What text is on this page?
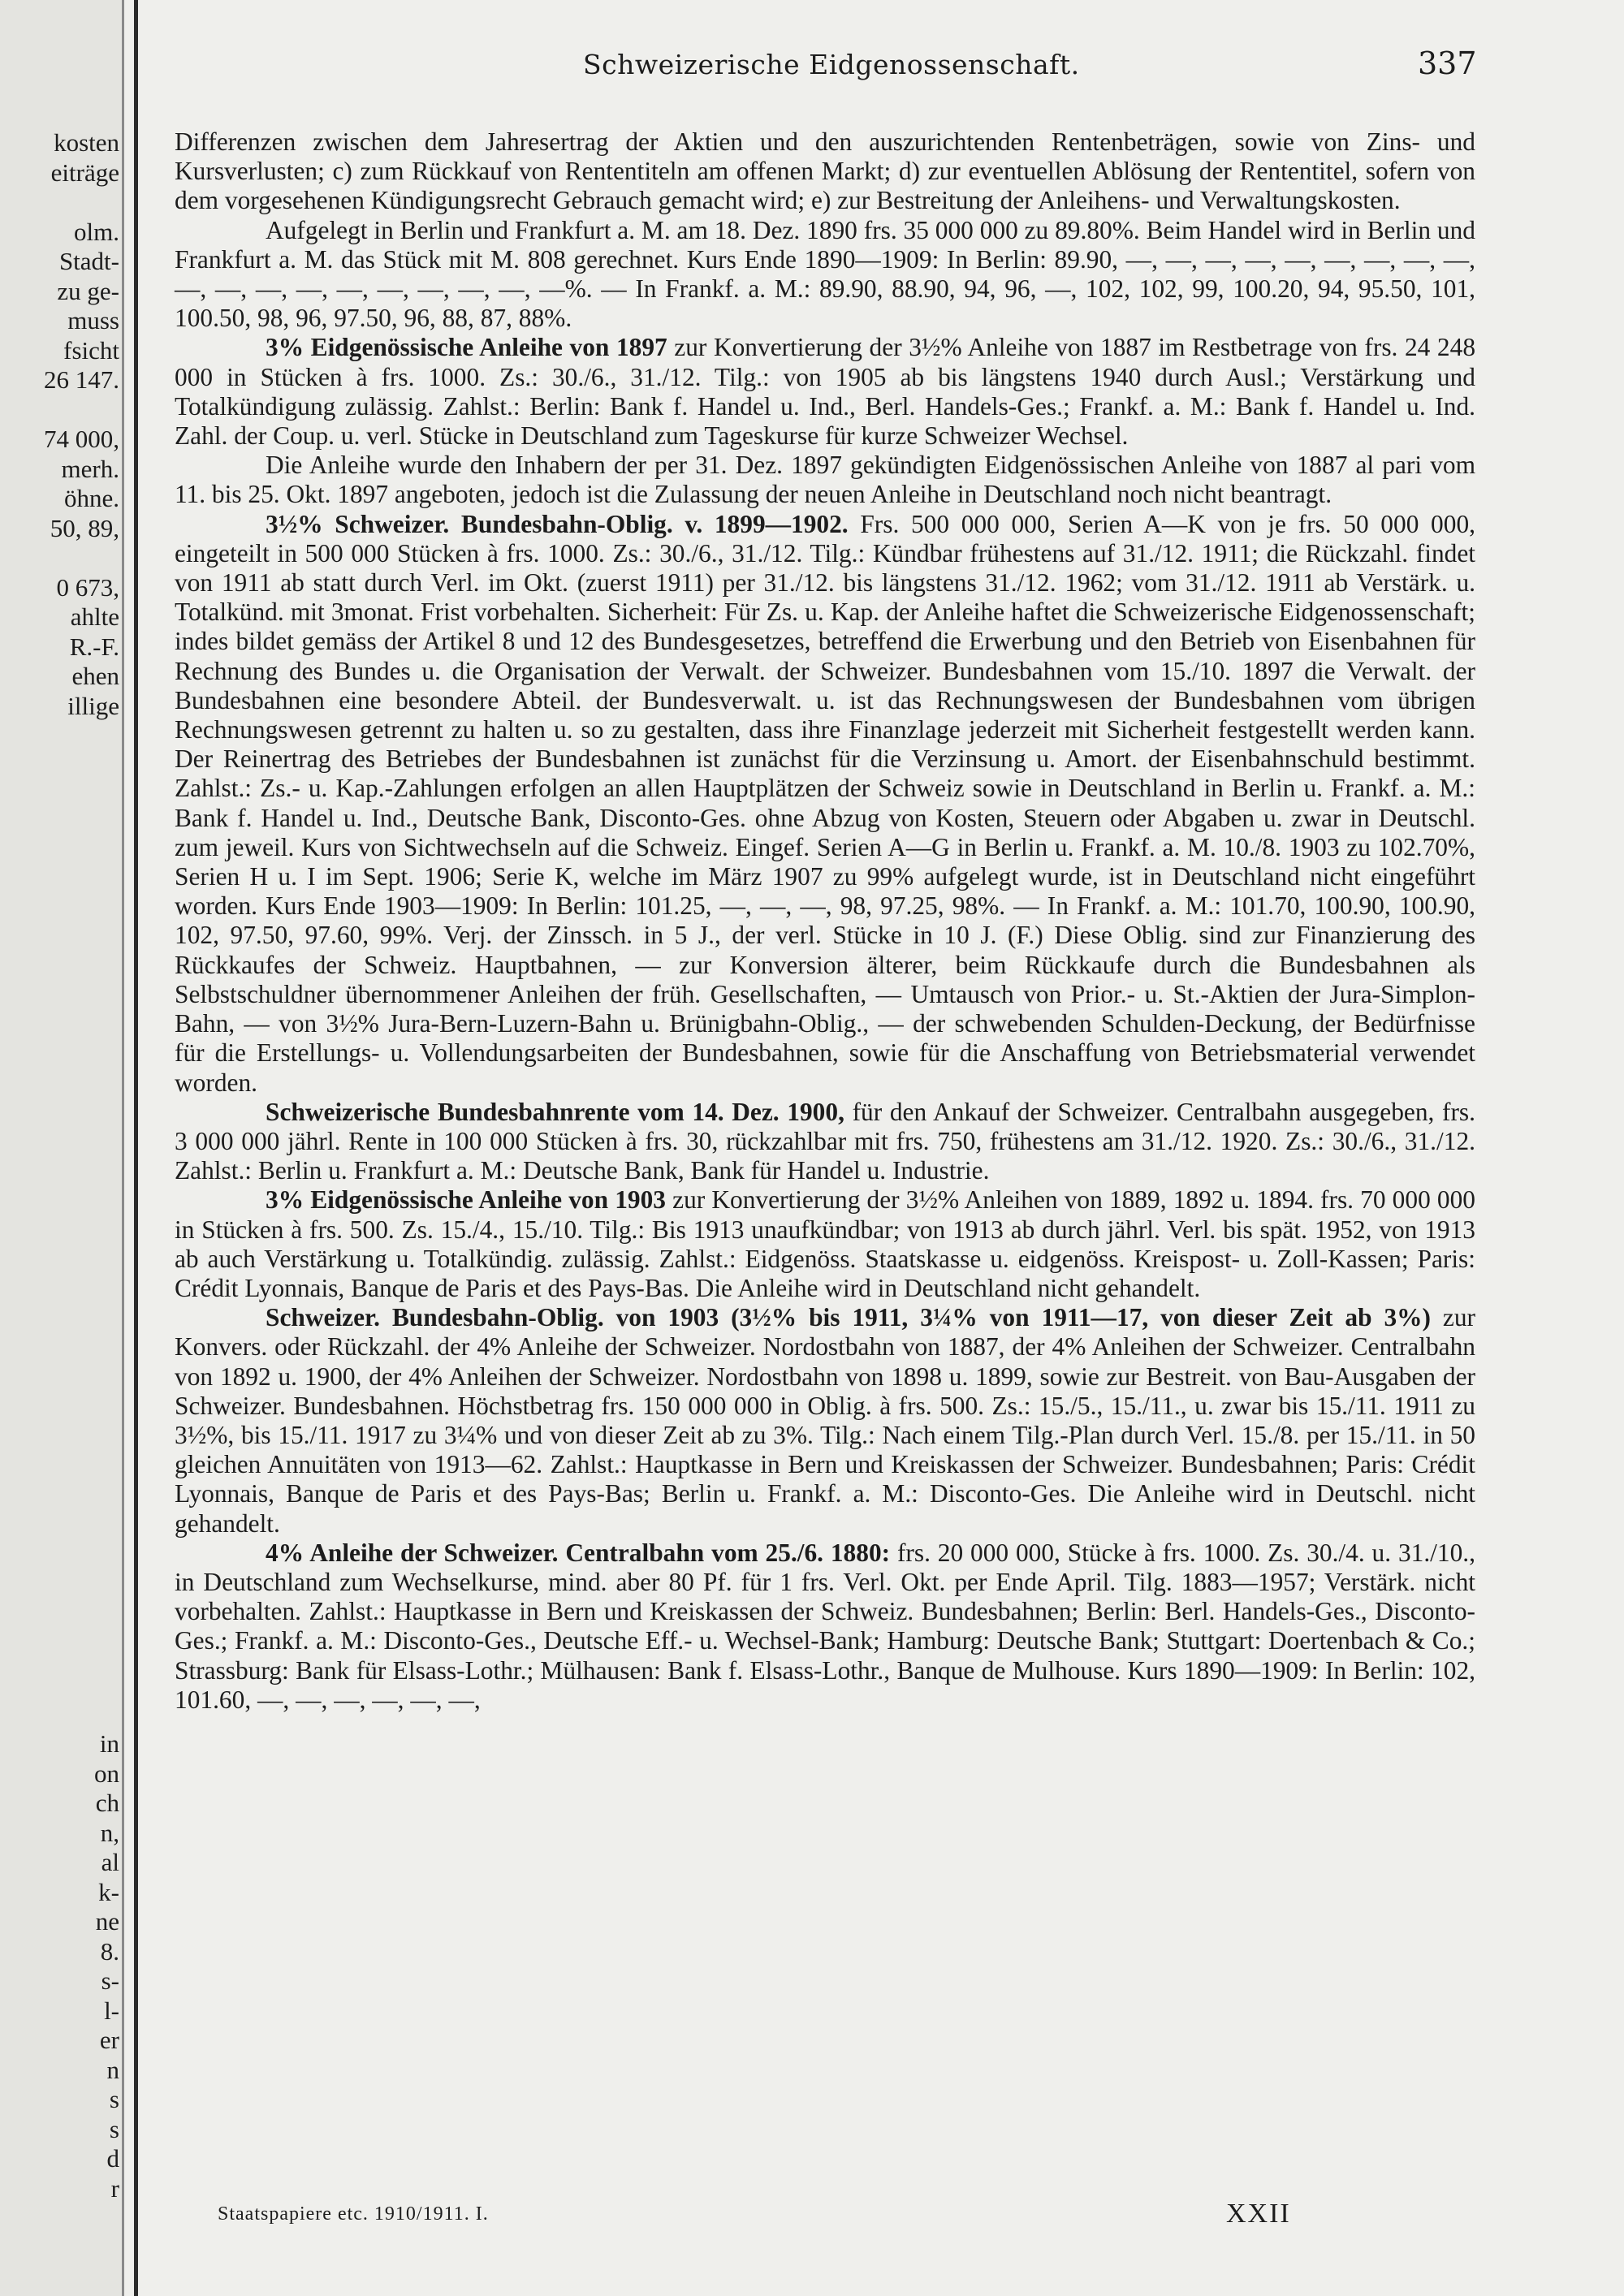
kosten
eiträge
olm.
Stadt-
zu ge-
muss
fsicht
26 147.
74 000,
merh.
öhne.
50, 89,
0 673,
ahlte
R.-F.
ehen
illige
in
on
ch
n,
al
k-
ne
8.
s-
l-
er
n
s
s
d
r
Schweizerische Eidgenossenschaft.	337

Differenzen zwischen dem Jahresertrag der Aktien und den auszurichtenden Rentenbeträgen, sowie von Zins- und Kursverlusten; c) zum Rückkauf von Rententiteln am offenen Markt; d) zur eventuellen Ablösung der Rententitel, sofern von dem vorgesehenen Kündigungsrecht Gebrauch gemacht wird; e) zur Bestreitung der Anleihens- und Verwaltungskosten.

Aufgelegt in Berlin und Frankfurt a. M. am 18. Dez. 1890 frs. 35 000 000 zu 89.80%. Beim Handel wird in Berlin und Frankfurt a. M. das Stück mit M. 808 gerechnet. Kurs Ende 1890—1909: In Berlin: 89.90, —, —, —, —, —, —, —, —, —, —, —, —, —, —, —, —, —, —, —%. — In Frankf. a. M.: 89.90, 88.90, 94, 96, —, 102, 102, 99, 100.20, 94, 95.50, 101, 100.50, 98, 96, 97.50, 96, 88, 87, 88%.

3% Eidgenössische Anleihe von 1897 zur Konvertierung der 3½% Anleihe von 1887 im Restbetrage von frs. 24 248 000 in Stücken à frs. 1000. Zs.: 30./6., 31./12. Tilg.: von 1905 ab bis längstens 1940 durch Ausl.; Verstärkung und Totalkündigung zulässig. Zahlst.: Berlin: Bank f. Handel u. Ind., Berl. Handels-Ges.; Frankf. a. M.: Bank f. Handel u. Ind. Zahl. der Coup. u. verl. Stücke in Deutschland zum Tageskurse für kurze Schweizer Wechsel.

Die Anleihe wurde den Inhabern der per 31. Dez. 1897 gekündigten Eidgenössischen Anleihe von 1887 al pari vom 11. bis 25. Okt. 1897 angeboten, jedoch ist die Zulassung der neuen Anleihe in Deutschland noch nicht beantragt.

3½% Schweizer. Bundesbahn-Oblig. v. 1899—1902. Frs. 500 000 000, Serien A—K von je frs. 50 000 000, eingeteilt in 500 000 Stücken à frs. 1000. Zs.: 30./6., 31./12. Tilg.: Kündbar frühestens auf 31./12. 1911; die Rückzahl. findet von 1911 ab statt durch Verl. im Okt. (zuerst 1911) per 31./12. bis längstens 31./12. 1962; vom 31./12. 1911 ab Verstärk. u. Totalkünd. mit 3monat. Frist vorbehalten. Sicherheit: Für Zs. u. Kap. der Anleihe haftet die Schweizerische Eidgenossenschaft; indes bildet gemäss der Artikel 8 und 12 des Bundesgesetzes, betreffend die Erwerbung und den Betrieb von Eisenbahnen für Rechnung des Bundes u. die Organisation der Verwalt. der Schweizer. Bundesbahnen vom 15./10. 1897 die Verwalt. der Bundesbahnen eine besondere Abteil. der Bundesverwalt. u. ist das Rechnungswesen der Bundesbahnen vom übrigen Rechnungswesen getrennt zu halten u. so zu gestalten, dass ihre Finanzlage jederzeit mit Sicherheit festgestellt werden kann. Der Reinertrag des Betriebes der Bundesbahnen ist zunächst für die Verzinsung u. Amort. der Eisenbahnschuld bestimmt. Zahlst.: Zs.- u. Kap.-Zahlungen erfolgen an allen Hauptplätzen der Schweiz sowie in Deutschland in Berlin u. Frankf. a. M.: Bank f. Handel u. Ind., Deutsche Bank, Disconto-Ges. ohne Abzug von Kosten, Steuern oder Abgaben u. zwar in Deutschl. zum jeweil. Kurs von Sichtwechseln auf die Schweiz. Eingef. Serien A—G in Berlin u. Frankf. a. M. 10./8. 1903 zu 102.70%, Serien H u. I im Sept. 1906; Serie K, welche im März 1907 zu 99% aufgelegt wurde, ist in Deutschland nicht eingeführt worden. Kurs Ende 1903—1909: In Berlin: 101.25, —, —, —, 98, 97.25, 98%. — In Frankf. a. M.: 101.70, 100.90, 100.90, 102, 97.50, 97.60, 99%. Verj. der Zinssch. in 5 J., der verl. Stücke in 10 J. (F.) Diese Oblig. sind zur Finanzierung des Rückkaufes der Schweiz. Hauptbahnen, — zur Konversion älterer, beim Rückkaufe durch die Bundesbahnen als Selbstschuldner übernommener Anleihen der früh. Gesellschaften, — Umtausch von Prior.- u. St.-Aktien der Jura-Simplon-Bahn, — von 3½% Jura-Bern-Luzern-Bahn u. Brünigbahn-Oblig., — der schwebenden Schulden-Deckung, der Bedürfnisse für die Erstellungs- u. Vollendungsarbeiten der Bundesbahnen, sowie für die Anschaffung von Betriebsmaterial verwendet worden.

Schweizerische Bundesbahnrente vom 14. Dez. 1900, für den Ankauf der Schweizer. Centralbahn ausgegeben, frs. 3 000 000 jährl. Rente in 100 000 Stücken à frs. 30, rückzahlbar mit frs. 750, frühestens am 31./12. 1920. Zs.: 30./6., 31./12. Zahlst.: Berlin u. Frankfurt a. M.: Deutsche Bank, Bank für Handel u. Industrie.

3% Eidgenössische Anleihe von 1903 zur Konvertierung der 3½% Anleihen von 1889, 1892 u. 1894. frs. 70 000 000 in Stücken à frs. 500. Zs. 15./4., 15./10. Tilg.: Bis 1913 unaufkündbar; von 1913 ab durch jährl. Verl. bis spät. 1952, von 1913 ab auch Verstärkung u. Totalkündig. zulässig. Zahlst.: Eidgenöss. Staatskasse u. eidgenöss. Kreispost- u. Zoll-Kassen; Paris: Crédit Lyonnais, Banque de Paris et des Pays-Bas. Die Anleihe wird in Deutschland nicht gehandelt.

Schweizer. Bundesbahn-Oblig. von 1903 (3½% bis 1911, 3¼% von 1911—17, von dieser Zeit ab 3%) zur Konvers. oder Rückzahl. der 4% Anleihe der Schweizer. Nordostbahn von 1887, der 4% Anleihen der Schweizer. Centralbahn von 1892 u. 1900, der 4% Anleihen der Schweizer. Nordostbahn von 1898 u. 1899, sowie zur Bestreit. von Bau-Ausgaben der Schweizer. Bundesbahnen. Höchstbetrag frs. 150 000 000 in Oblig. à frs. 500. Zs.: 15./5., 15./11., u. zwar bis 15./11. 1911 zu 3½%, bis 15./11. 1917 zu 3¼% und von dieser Zeit ab zu 3%. Tilg.: Nach einem Tilg.-Plan durch Verl. 15./8. per 15./11. in 50 gleichen Annuitäten von 1913—62. Zahlst.: Hauptkasse in Bern und Kreiskassen der Schweizer. Bundesbahnen; Paris: Crédit Lyonnais, Banque de Paris et des Pays-Bas; Berlin u. Frankf. a. M.: Disconto-Ges. Die Anleihe wird in Deutschl. nicht gehandelt.

4% Anleihe der Schweizer. Centralbahn vom 25./6. 1880: frs. 20 000 000, Stücke à frs. 1000. Zs. 30./4. u. 31./10., in Deutschland zum Wechselkurse, mind. aber 80 Pf. für 1 frs. Verl. Okt. per Ende April. Tilg. 1883—1957; Verstärk. nicht vorbehalten. Zahlst.: Hauptkasse in Bern und Kreiskassen der Schweiz. Bundesbahnen; Berlin: Berl. Handels-Ges., Disconto-Ges.; Frankf. a. M.: Disconto-Ges., Deutsche Eff.- u. Wechsel-Bank; Hamburg: Deutsche Bank; Stuttgart: Doertenbach & Co.; Strassburg: Bank für Elsass-Lothr.; Mülhausen: Bank f. Elsass-Lothr., Banque de Mulhouse. Kurs 1890—1909: In Berlin: 102, 101.60, —, —, —, —, —, —,

Staatspapiere etc. 1910/1911. I.	XXII
